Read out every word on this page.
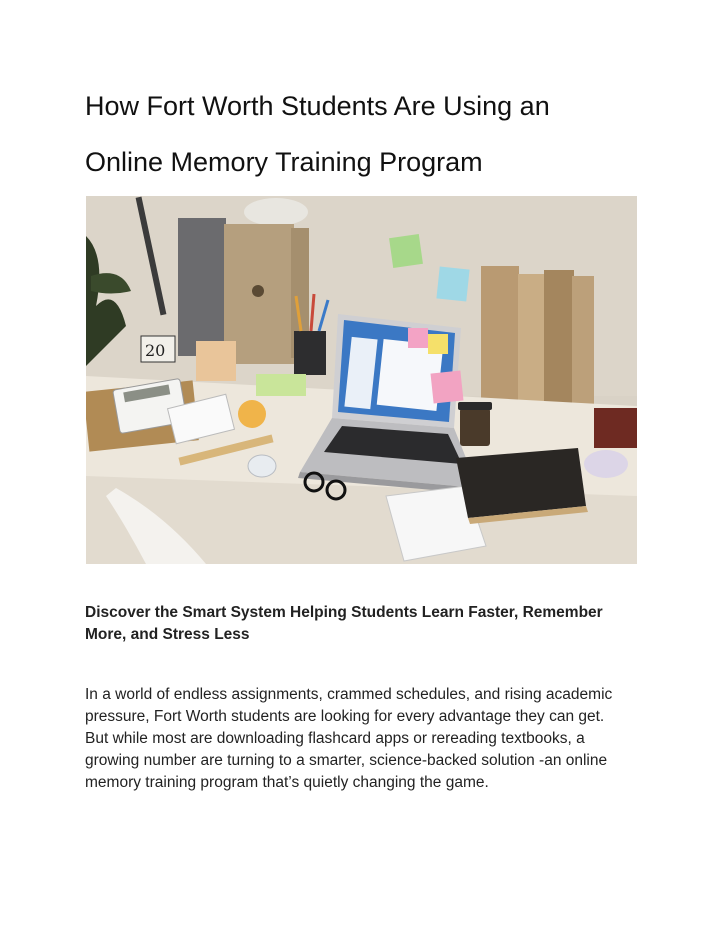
How Fort Worth Students Are Using an
Online Memory Training Program
20

Discover the Smart System Helping Students Learn Faster, Remember More, and Stress Less

In a world of endless assignments, crammed schedules, and rising academic pressure, Fort Worth students are looking for every advantage they can get. But while most are downloading flashcard apps or rereading textbooks, a growing number are turning to a smarter, science-backed solution -an online memory training program that’s quietly changing the game.
